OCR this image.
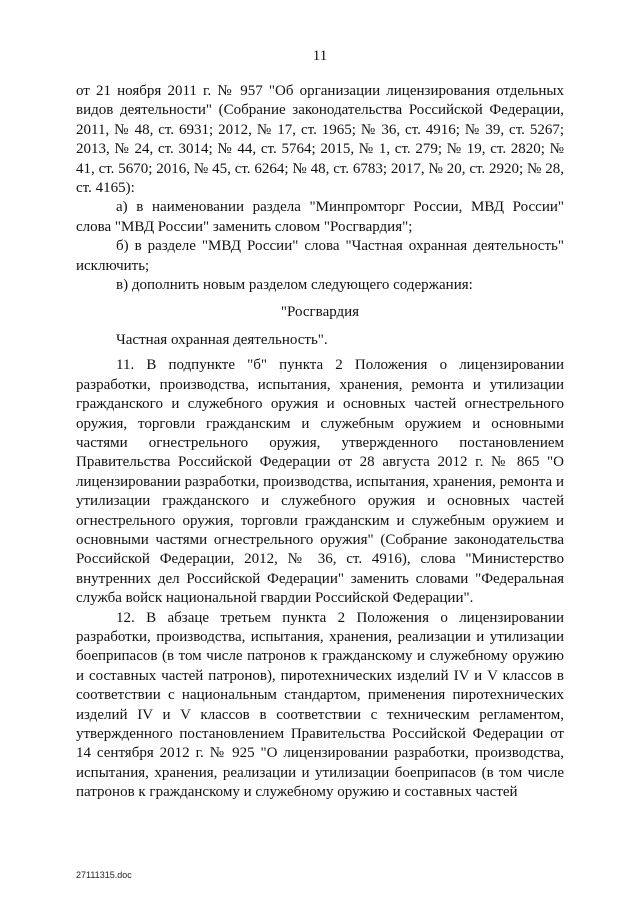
11

от 21 ноября 2011 г. № 957 "Об организации лицензирования отдельных видов деятельности" (Собрание законодательства Российской Федерации, 2011, № 48, ст. 6931; 2012, № 17, ст. 1965; № 36, ст. 4916; № 39, ст. 5267; 2013, № 24, ст. 3014; № 44, ст. 5764; 2015, № 1, ст. 279; № 19, ст. 2820; № 41, ст. 5670; 2016, № 45, ст. 6264; № 48, ст. 6783; 2017, № 20, ст. 2920; № 28, ст. 4165):

а) в наименовании раздела "Минпромторг России, МВД России" слова "МВД России" заменить словом "Росгвардия";

б) в разделе "МВД России" слова "Частная охранная деятельность" исключить;

в) дополнить новым разделом следующего содержания:

"Росгвардия

Частная охранная деятельность".

11. В подпункте "б" пункта 2 Положения о лицензировании разработки, производства, испытания, хранения, ремонта и утилизации гражданского и служебного оружия и основных частей огнестрельного оружия, торговли гражданским и служебным оружием и основными частями огнестрельного оружия, утвержденного постановлением Правительства Российской Федерации от 28 августа 2012 г. № 865 "О лицензировании разработки, производства, испытания, хранения, ремонта и утилизации гражданского и служебного оружия и основных частей огнестрельного оружия, торговли гражданским и служебным оружием и основными частями огнестрельного оружия" (Собрание законодательства Российской Федерации, 2012, № 36, ст. 4916), слова "Министерство внутренних дел Российской Федерации" заменить словами "Федеральная служба войск национальной гвардии Российской Федерации".

12. В абзаце третьем пункта 2 Положения о лицензировании разработки, производства, испытания, хранения, реализации и утилизации боеприпасов (в том числе патронов к гражданскому и служебному оружию и составных частей патронов), пиротехнических изделий IV и V классов в соответствии с национальным стандартом, применения пиротехнических изделий IV и V классов в соответствии с техническим регламентом, утвержденного постановлением Правительства Российской Федерации от 14 сентября 2012 г. № 925 "О лицензировании разработки, производства, испытания, хранения, реализации и утилизации боеприпасов (в том числе патронов к гражданскому и служебному оружию и составных частей

27111315.doc
